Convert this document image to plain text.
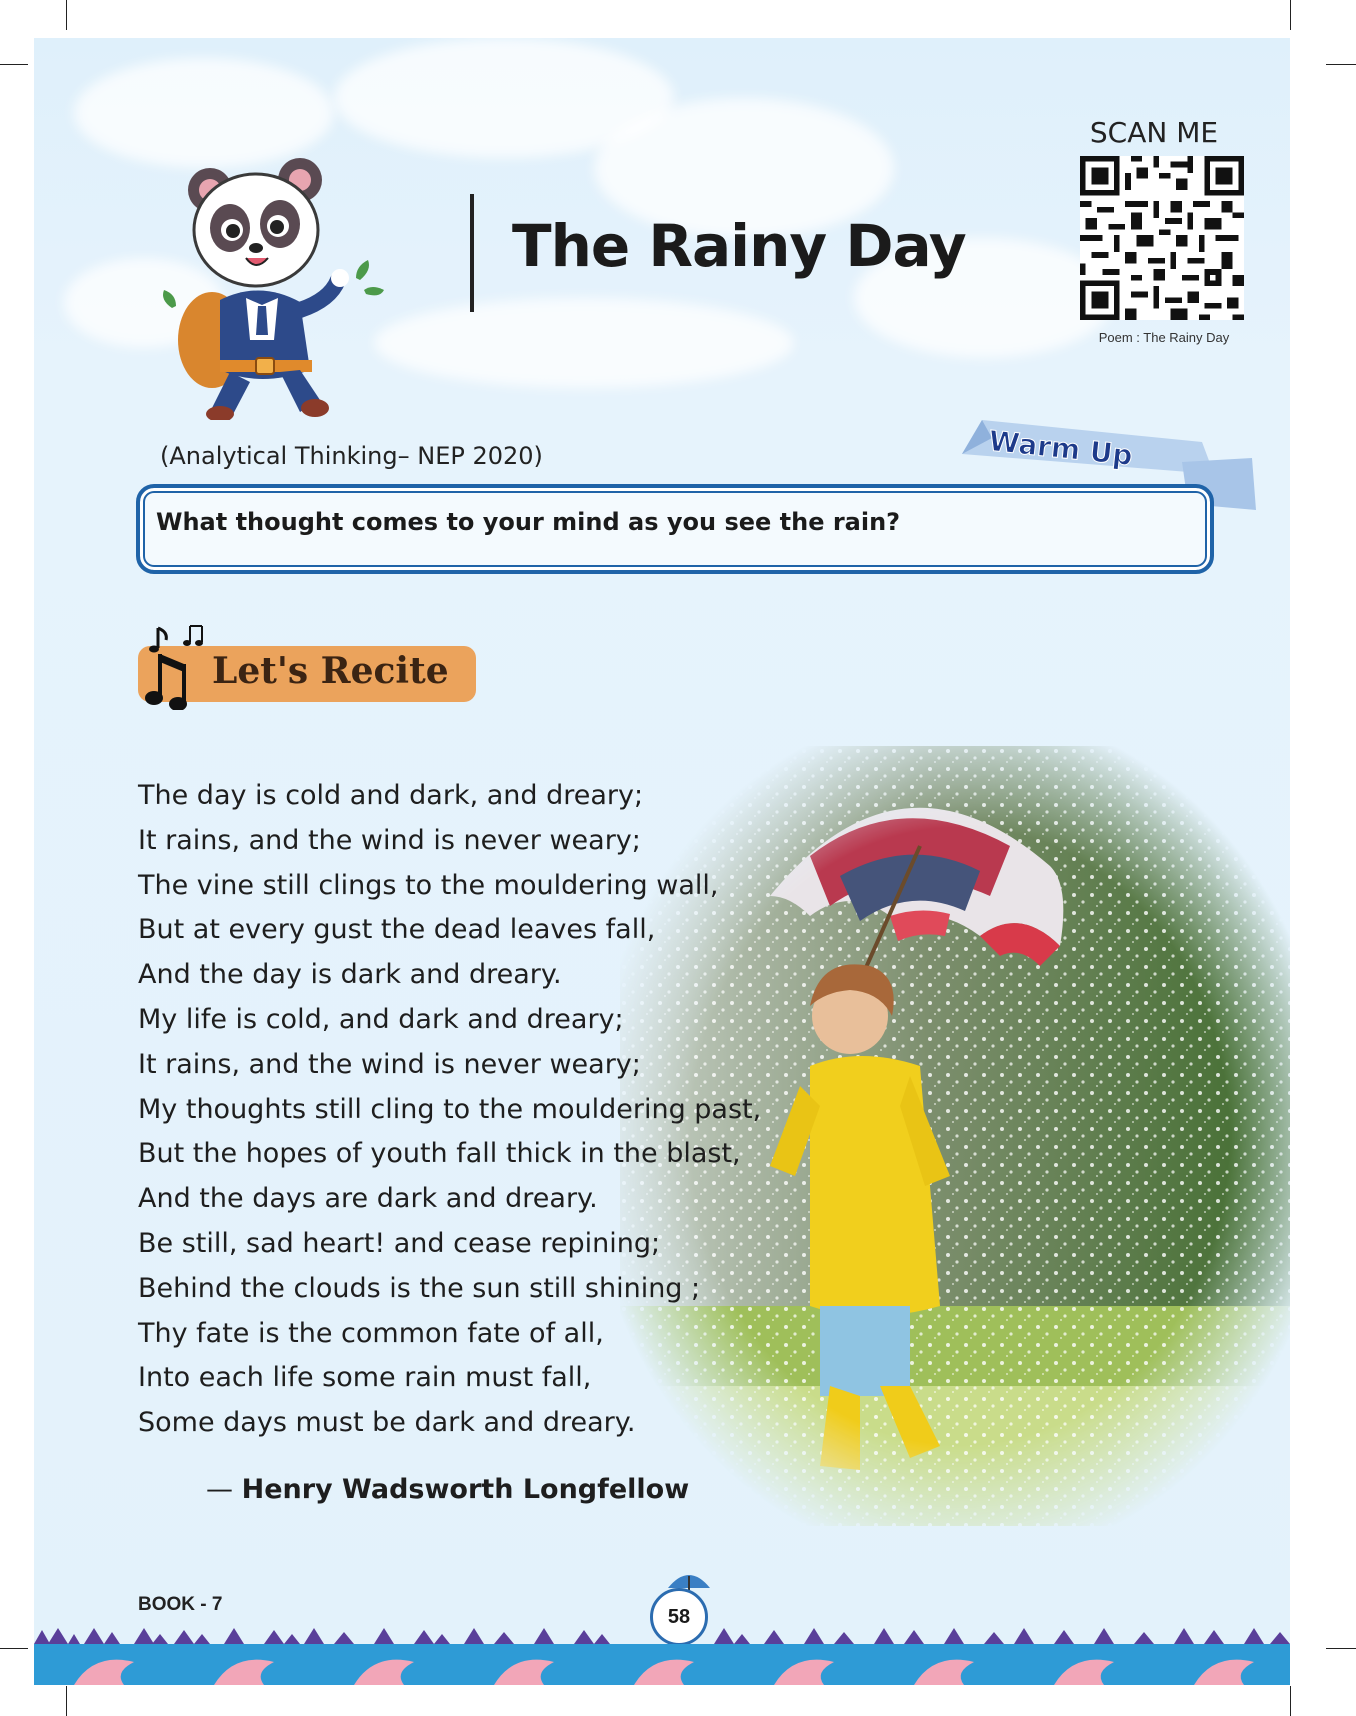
The Rainy Day
SCAN ME
Poem : The Rainy Day
(Analytical Thinking– NEP 2020)	Warm Up
What thought comes to your mind as you see the rain?
Let's Recite
The day is cold and dark, and dreary;
It rains, and the wind is never weary;
The vine still clings to the mouldering wall,
But at every gust the dead leaves fall,
And the day is dark and dreary.
My life is cold, and dark and dreary;
It rains, and the wind is never weary;
My thoughts still cling to the mouldering past,
But the hopes of youth fall thick in the blast,
And the days are dark and dreary.
Be still, sad heart! and cease repining;
Behind the clouds is the sun still shining ;
Thy fate is the common fate of all,
Into each life some rain must fall,
Some days must be dark and dreary.
— Henry Wadsworth Longfellow
BOOK - 7
58
